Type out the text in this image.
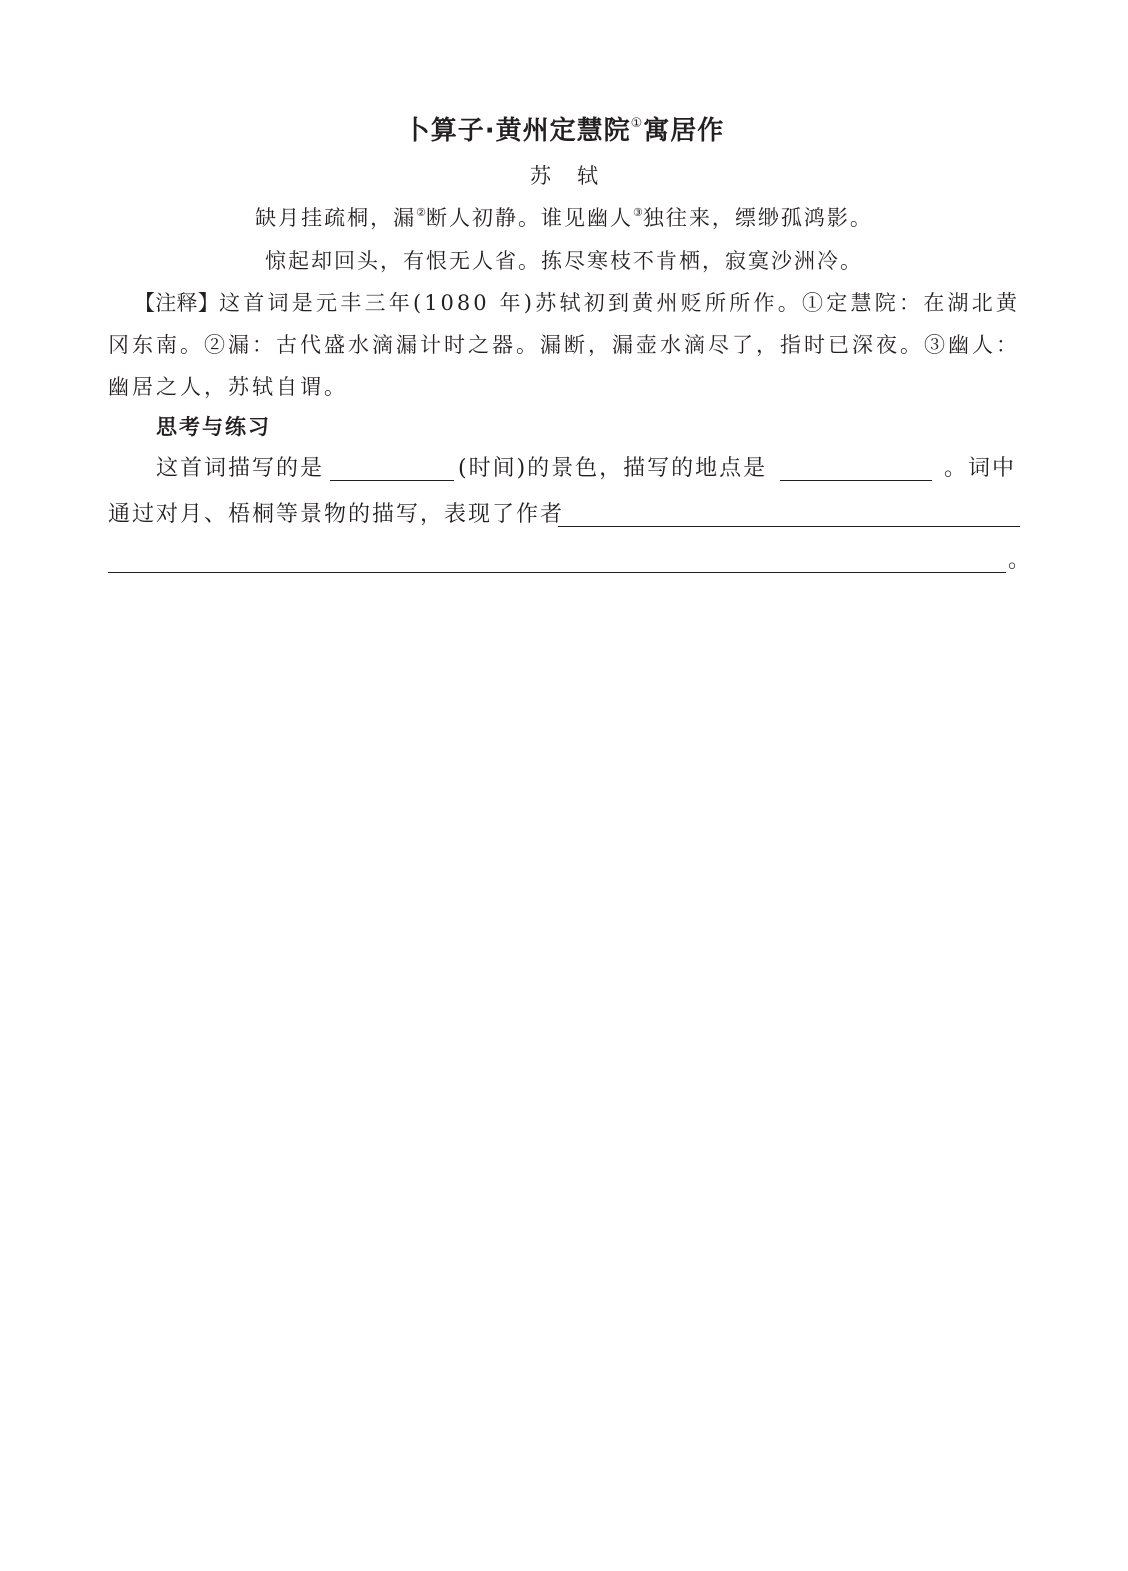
卜算子·黄州定慧院①寓居作
苏轼
缺月挂疏桐，漏②断人初静。谁见幽人③独往来，缥缈孤鸿影。
惊起却回头，有恨无人省。拣尽寒枝不肯栖，寂寞沙洲冷。
【注释】这首词是元丰三年(1080 年)苏轼初到黄州贬所所作。①定慧院：在湖北黄冈东南。②漏：古代盛水滴漏计时之器。漏断，漏壶水滴尽了，指时已深夜。③幽人：幽居之人，苏轼自谓。
思考与练习
这首词描写的是	(时间)的景色，描写的地点是	。词中
通过对月、梧桐等景物的描写，表现了作者
。
